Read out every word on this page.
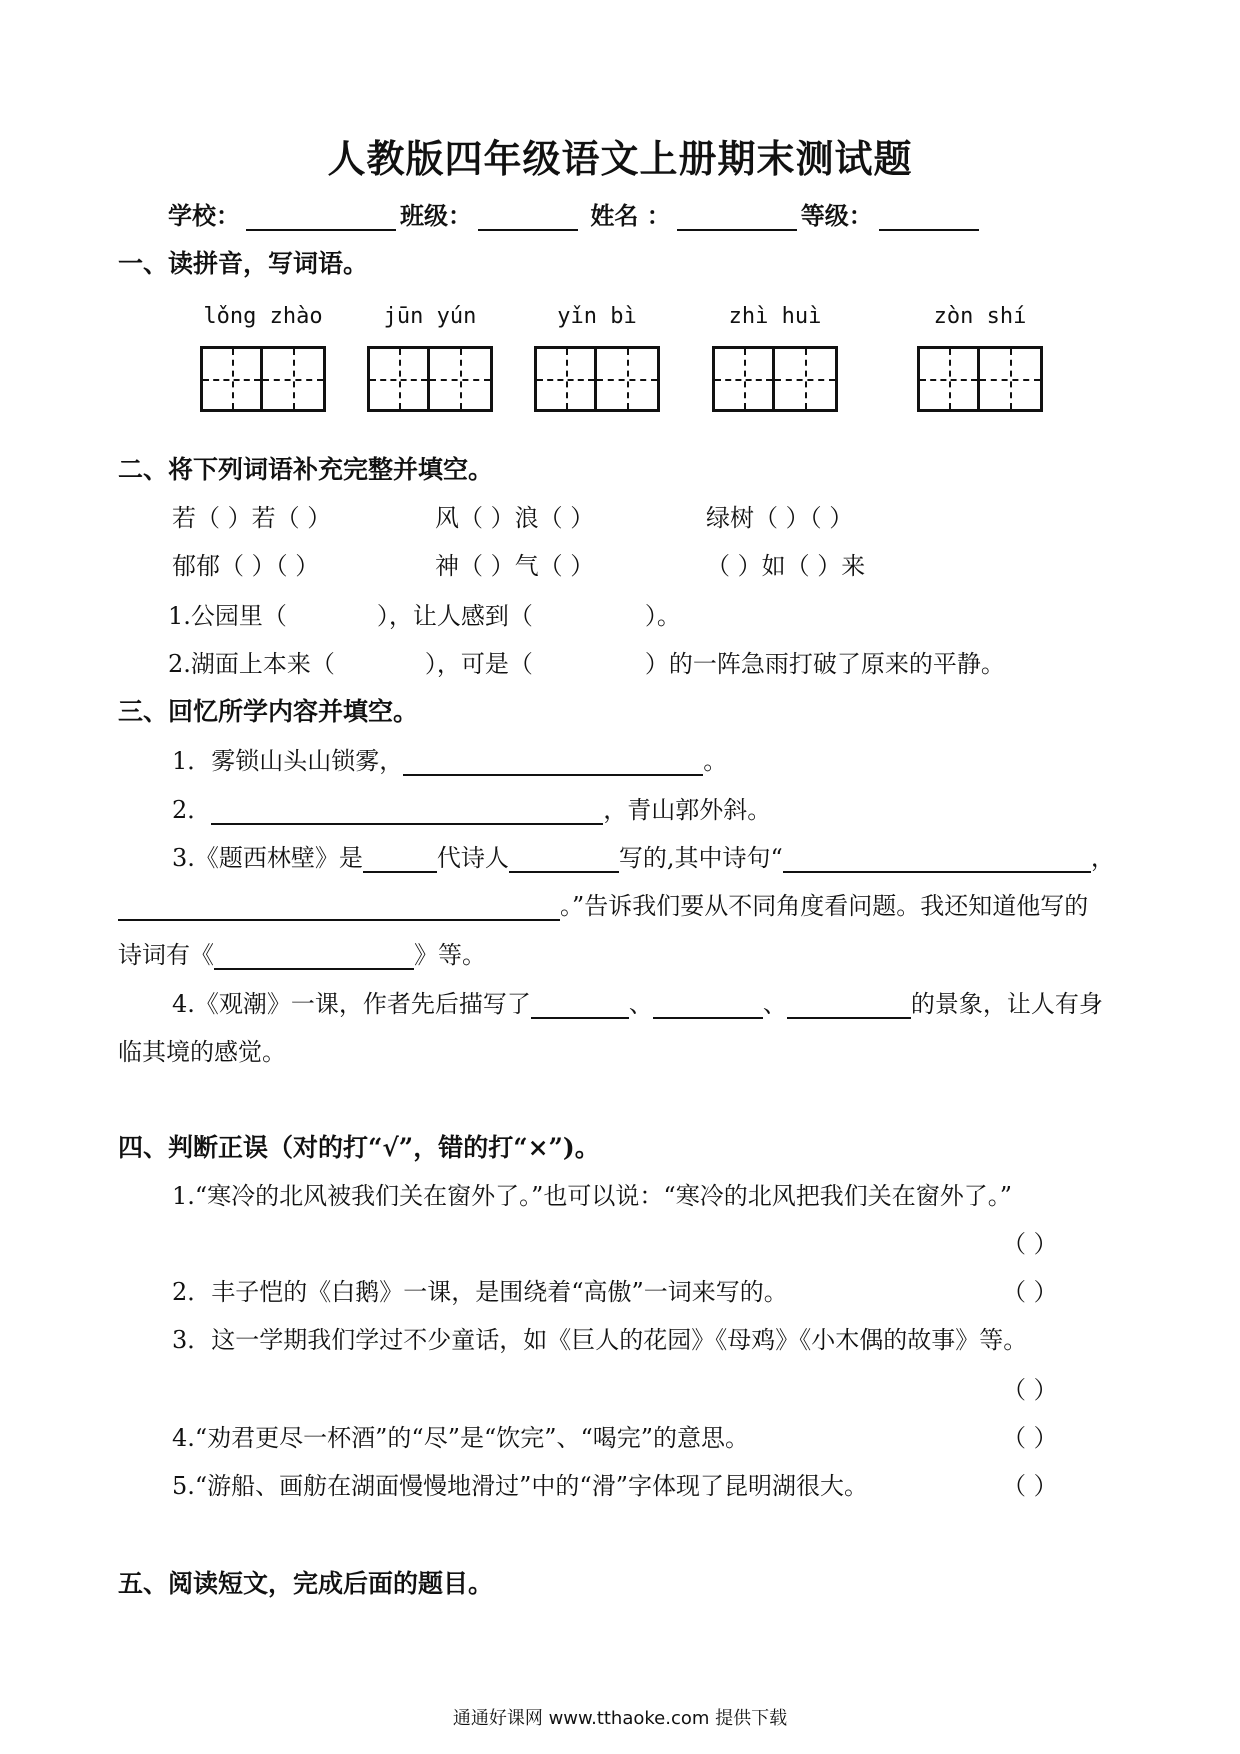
人教版四年级语文上册期末测试题
学校：	班级：	姓名 ：	等级：
一、读拼音，写词语。
lǒng zhào	jūn yún	yǐn bì	zhì huì	zòn shí
二、将下列词语补充完整并填空。
若（ ）若（ ）	风（ ）浪（ ）	绿树（ ）（ ）
郁郁（ ）（ ）	神（ ）气（ ）	（ ）如（ ）来
1.公园里（	），让人感到（	）。
2.湖面上本来（	），可是（	）的一阵急雨打破了原来的平静。
三、回忆所学内容并填空。
1．雾锁山头山锁雾，	。
2．	，青山郭外斜。
3.《题西林壁》是	代诗人	写的,其中诗句“	，
。”告诉我们要从不同角度看问题。我还知道他写的
诗词有《	》等。
4.《观潮》一课，作者先后描写了	、	、	的景象，让人有身
临其境的感觉。
四、判断正误（对的打“√”，错的打“×”)。
1.“寒冷的北风被我们关在窗外了。”也可以说：“寒冷的北风把我们关在窗外了。”
（ ）
2．丰子恺的《白鹅》一课，是围绕着“高傲”一词来写的。	（ ）
3．这一学期我们学过不少童话，如《巨人的花园》《母鸡》《小木偶的故事》等。
（ ）
4.“劝君更尽一杯酒”的“尽”是“饮完”、“喝完”的意思。	（ ）
5.“游船、画舫在湖面慢慢地滑过”中的“滑”字体现了昆明湖很大。	（ ）
五、阅读短文，完成后面的题目。
通通好课网 www.tthaoke.com 提供下载
